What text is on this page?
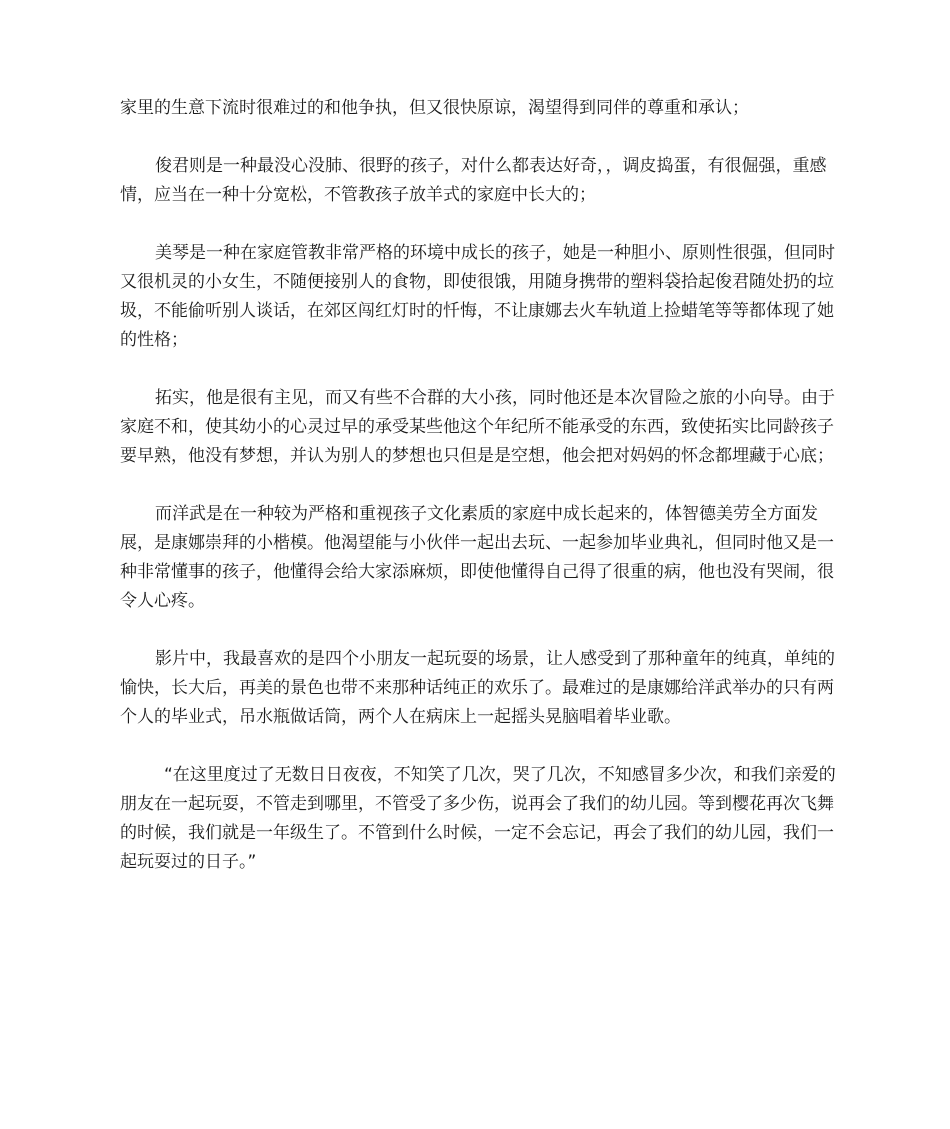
家里的生意下流时很难过的和他争执，但又很快原谅，渴望得到同伴的尊重和承认；

俊君则是一种最没心没肺、很野的孩子，对什么都表达好奇，，调皮捣蛋，有很倔强，重感情，应当在一种十分宽松，不管教孩子放羊式的家庭中长大的；

美琴是一种在家庭管教非常严格的环境中成长的孩子，她是一种胆小、原则性很强，但同时又很机灵的小女生，不随便接别人的食物，即使很饿，用随身携带的塑料袋拾起俊君随处扔的垃圾，不能偷听别人谈话，在郊区闯红灯时的忏悔，不让康娜去火车轨道上捡蜡笔等等都体现了她的性格；

拓实，他是很有主见，而又有些不合群的大小孩，同时他还是本次冒险之旅的小向导。由于家庭不和，使其幼小的心灵过早的承受某些他这个年纪所不能承受的东西，致使拓实比同龄孩子要早熟，他没有梦想，并认为别人的梦想也只但是是空想，他会把对妈妈的怀念都埋藏于心底；

而洋武是在一种较为严格和重视孩子文化素质的家庭中成长起来的，体智德美劳全方面发展，是康娜崇拜的小楷模。他渴望能与小伙伴一起出去玩、一起参加毕业典礼，但同时他又是一种非常懂事的孩子，他懂得会给大家添麻烦，即使他懂得自己得了很重的病，他也没有哭闹，很令人心疼。

影片中，我最喜欢的是四个小朋友一起玩耍的场景，让人感受到了那种童年的纯真，单纯的愉快，长大后，再美的景色也带不来那种话纯正的欢乐了。最难过的是康娜给洋武举办的只有两个人的毕业式，吊水瓶做话筒，两个人在病床上一起摇头晃脑唱着毕业歌。

“在这里度过了无数日日夜夜，不知笑了几次，哭了几次，不知感冒多少次，和我们亲爱的朋友在一起玩耍，不管走到哪里，不管受了多少伤，说再会了我们的幼儿园。等到樱花再次飞舞的时候，我们就是一年级生了。不管到什么时候，一定不会忘记，再会了我们的幼儿园，我们一起玩耍过的日子。”
